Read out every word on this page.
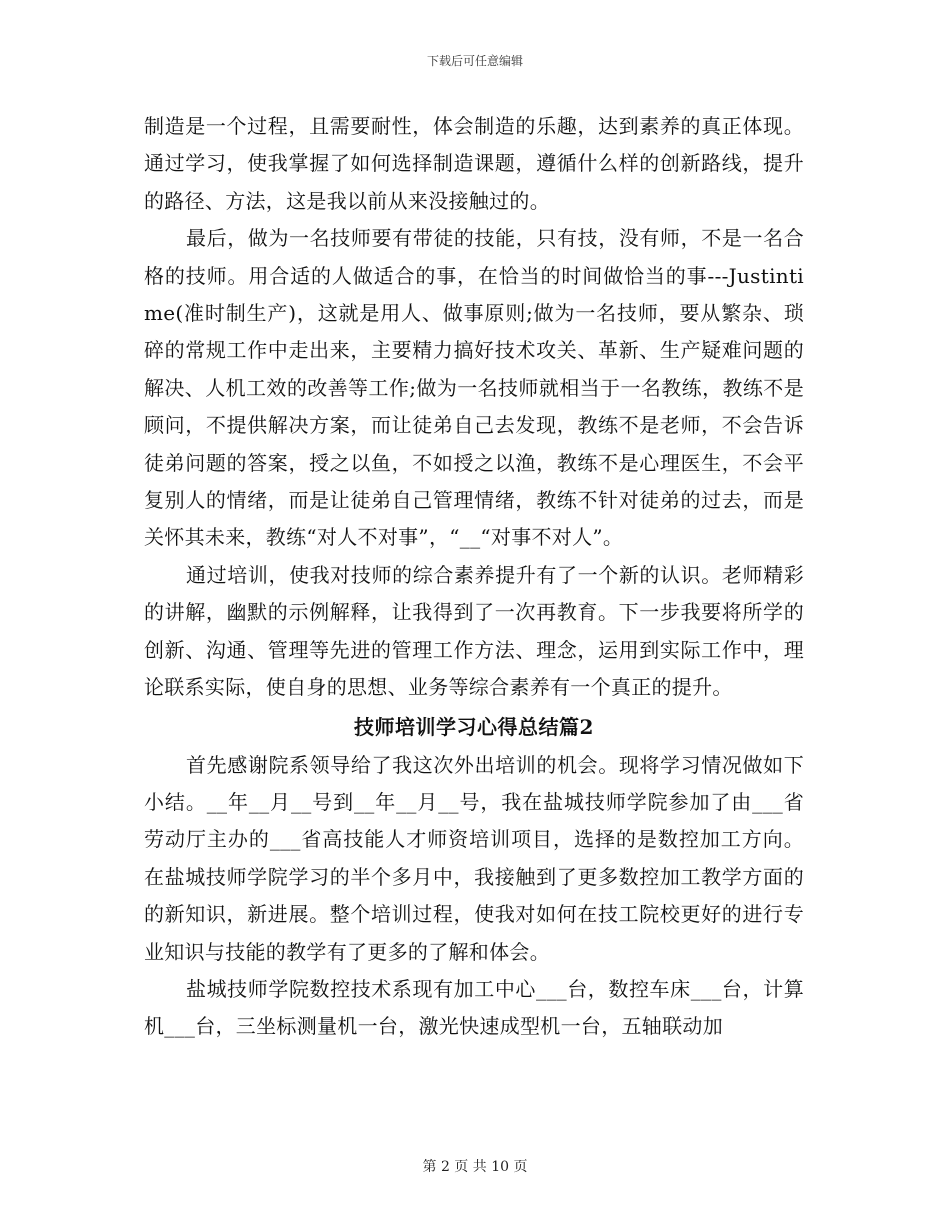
下载后可任意编辑

制造是一个过程，且需要耐性，体会制造的乐趣，达到素养的真正体现。通过学习，使我掌握了如何选择制造课题，遵循什么样的创新路线，提升的路径、方法，这是我以前从来没接触过的。

最后，做为一名技师要有带徒的技能，只有技，没有师，不是一名合格的技师。用合适的人做适合的事，在恰当的时间做恰当的事---Justintime(准时制生产)，这就是用人、做事原则;做为一名技师，要从繁杂、琐碎的常规工作中走出来，主要精力搞好技术攻关、革新、生产疑难问题的解决、人机工效的改善等工作;做为一名技师就相当于一名教练，教练不是顾问，不提供解决方案，而让徒弟自己去发现，教练不是老师，不会告诉徒弟问题的答案，授之以鱼，不如授之以渔，教练不是心理医生，不会平复别人的情绪，而是让徒弟自己管理情绪，教练不针对徒弟的过去，而是关怀其未来，教练“对人不对事”，“__“对事不对人”。

通过培训，使我对技师的综合素养提升有了一个新的认识。老师精彩的讲解，幽默的示例解释，让我得到了一次再教育。下一步我要将所学的创新、沟通、管理等先进的管理工作方法、理念，运用到实际工作中，理论联系实际，使自身的思想、业务等综合素养有一个真正的提升。

技师培训学习心得总结篇2

首先感谢院系领导给了我这次外出培训的机会。现将学习情况做如下小结。__年__月__号到__年__月__号，我在盐城技师学院参加了由___省劳动厅主办的___省高技能人才师资培训项目，选择的是数控加工方向。在盐城技师学院学习的半个多月中，我接触到了更多数控加工教学方面的的新知识，新进展。整个培训过程，使我对如何在技工院校更好的进行专业知识与技能的教学有了更多的了解和体会。

盐城技师学院数控技术系现有加工中心___台，数控车床___台，计算机___台，三坐标测量机一台，激光快速成型机一台，五轴联动加

第 2 页 共 10 页
